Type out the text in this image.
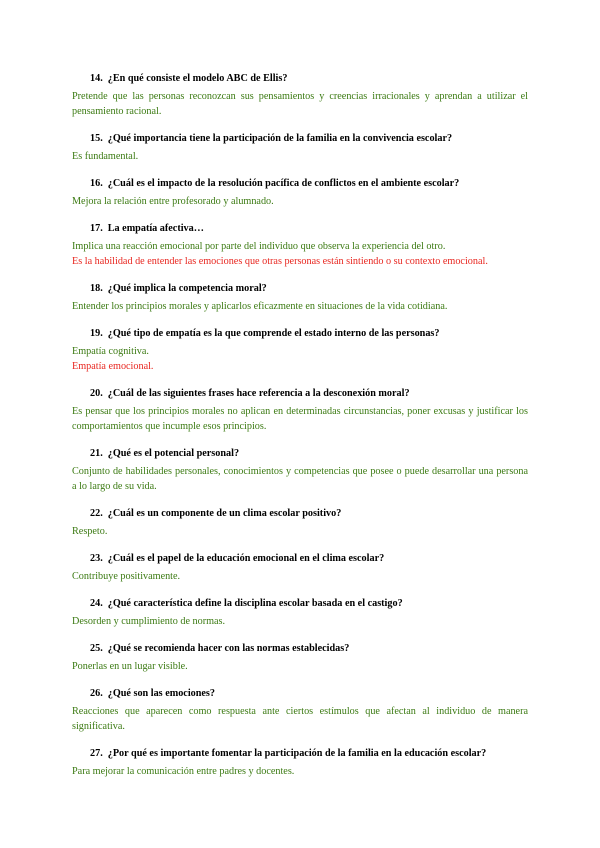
14. ¿En qué consiste el modelo ABC de Ellis?
Pretende que las personas reconozcan sus pensamientos y creencias irracionales y aprendan a utilizar el pensamiento racional.
15. ¿Qué importancia tiene la participación de la familia en la convivencia escolar?
Es fundamental.
16. ¿Cuál es el impacto de la resolución pacífica de conflictos en el ambiente escolar?
Mejora la relación entre profesorado y alumnado.
17. La empatía afectiva…
Implica una reacción emocional por parte del individuo que observa la experiencia del otro.
Es la habilidad de entender las emociones que otras personas están sintiendo o su contexto emocional.
18. ¿Qué implica la competencia moral?
Entender los principios morales y aplicarlos eficazmente en situaciones de la vida cotidiana.
19. ¿Qué tipo de empatía es la que comprende el estado interno de las personas?
Empatía cognitiva.
Empatía emocional.
20. ¿Cuál de las siguientes frases hace referencia a la desconexión moral?
Es pensar que los principios morales no aplican en determinadas circunstancias, poner excusas y justificar los comportamientos que incumple esos principios.
21. ¿Qué es el potencial personal?
Conjunto de habilidades personales, conocimientos y competencias que posee o puede desarrollar una persona a lo largo de su vida.
22. ¿Cuál es un componente de un clima escolar positivo?
Respeto.
23. ¿Cuál es el papel de la educación emocional en el clima escolar?
Contribuye positivamente.
24. ¿Qué característica define la disciplina escolar basada en el castigo?
Desorden y cumplimiento de normas.
25. ¿Qué se recomienda hacer con las normas establecidas?
Ponerlas en un lugar visible.
26. ¿Qué son las emociones?
Reacciones que aparecen como respuesta ante ciertos estímulos que afectan al individuo de manera significativa.
27. ¿Por qué es importante fomentar la participación de la familia en la educación escolar?
Para mejorar la comunicación entre padres y docentes.
